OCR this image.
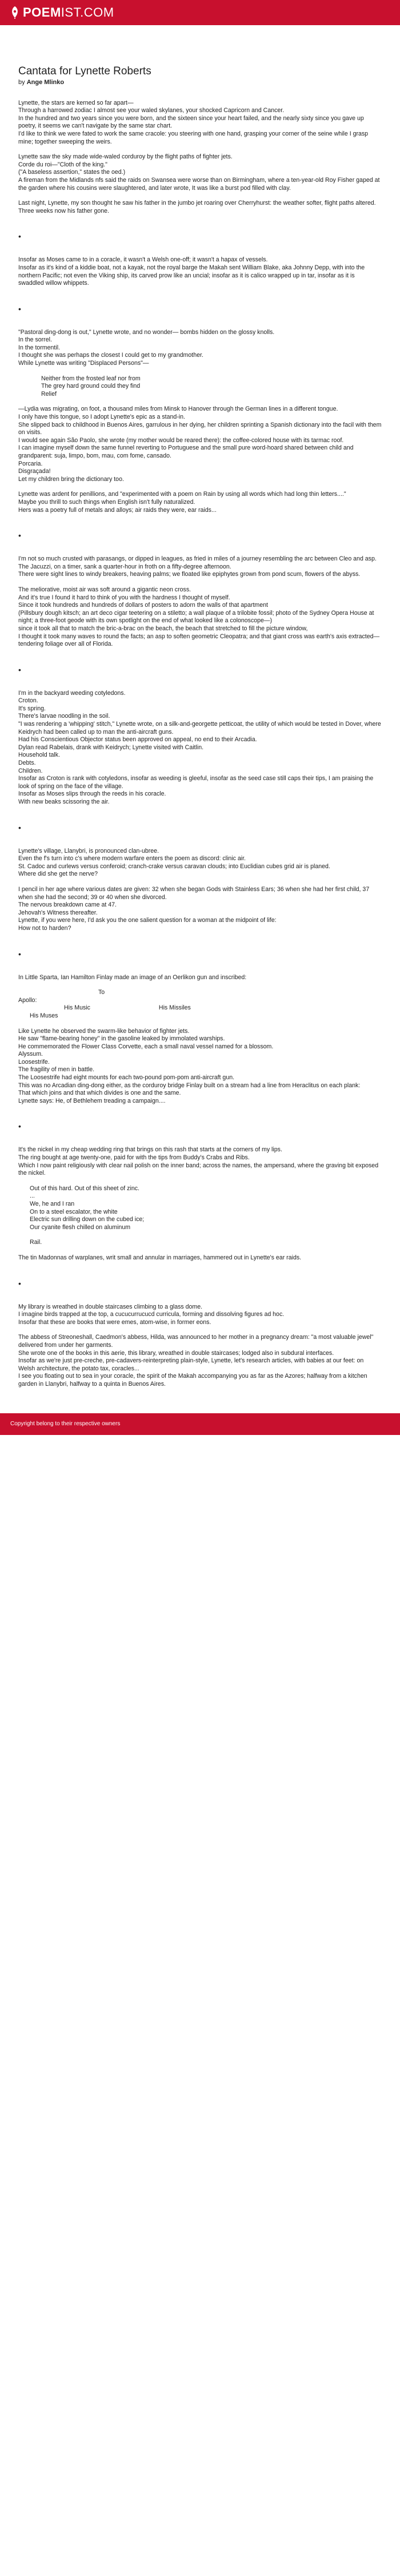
POEM IST.COM
Cantata for Lynette Roberts
by Ange Mlinko
Lynette, the stars are kerned so far apart—
Through a harrowed zodiac I almost see your waled skylanes, your shocked Capricorn and Cancer.
In the hundred and two years since you were born, and the sixteen since your heart failed, and the nearly sixty since you gave up poetry, it seems we can't navigate by the same star chart.
I'd like to think we were fated to work the same cracole: you steering with one hand, grasping your corner of the seine while I grasp mine; together sweeping the weirs.
Lynette saw the sky made wide-waled corduroy by the flight paths of fighter jets.
Corde du roi—"Cloth of the king."
("A baseless assertion," states the oed.)
A fireman from the Midlands nfs said the raids on Swansea were worse than on Birmingham, where a ten-year-old Roy Fisher gaped at the garden where his cousins were slaughtered, and later wrote, It was like a burst pod filled with clay.
Last night, Lynette, my son thought he saw his father in the jumbo jet roaring over Cherryhurst: the weather softer, flight paths altered.
Three weeks now his father gone.
•
Insofar as Moses came to in a coracle, it wasn't a Welsh one-off; it wasn't a hapax of vessels.
Insofar as it's kind of a kiddie boat, not a kayak, not the royal barge the Makah sent William Blake, aka Johnny Depp, with into the northern Pacific; not even the Viking ship, its carved prow like an uncial; insofar as it is calico wrapped up in tar, insofar as it is swaddled willow whippets.
•
"Pastoral ding-dong is out," Lynette wrote, and no wonder— bombs hidden on the glossy knolls.
In the sorrel.
In the tormentil.
I thought she was perhaps the closest I could get to my grandmother.
While Lynette was writing "Displaced Persons"—
Neither from the frosted leaf nor from
The grey hard ground could they find
Relief
—Lydia was migrating, on foot, a thousand miles from Minsk to Hanover through the German lines in a different tongue.
I only have this tongue, so I adopt Lynette's epic as a stand-in.
She slipped back to childhood in Buenos Aires, garrulous in her dying, her children sprinting a Spanish dictionary into the facil with them on visits.
I would see again São Paolo, she wrote (my mother would be reared there): the coffee-colored house with its tarmac roof.
I can imagine myself down the same funnel reverting to Portuguese and the small pure word-hoard shared between child and grandparent: suja, limpo, bom, mau, com fome, cansado.
Porcaria.
Disgraçada!
Let my children bring the dictionary too.
Lynette was ardent for penillions, and "experimented with a poem on Rain by using all words which had long thin letters...."
Maybe you thrill to such things when English isn't fully naturalized.
Hers was a poetry full of metals and alloys; air raids they were, ear raids...
•
I'm not so much crusted with parasangs, or dipped in leagues, as fried in miles of a journey resembling the arc between Cleo and asp.
The Jacuzzi, on a timer, sank a quarter-hour in froth on a fifty-degree afternoon.
There were sight lines to windy breakers, heaving palms; we floated like epiphytes grown from pond scum, flowers of the abyss.
The meliorative, moist air was soft around a gigantic neon cross.
And it's true I found it hard to think of you with the hardness I thought of myself.
Since it took hundreds and hundreds of dollars of posters to adorn the walls of that apartment
(Pillsbury dough kitsch; an art deco cigar teetering on a stiletto; a wall plaque of a trilobite fossil; photo of the Sydney Opera House at night; a three-foot geode with its own spotlight on the end of what looked like a colonoscope—)
since it took all that to match the bric-a-brac on the beach, the beach that stretched to fill the picture window,
I thought it took many waves to round the facts; an asp to soften geometric Cleopatra; and that giant cross was earth's axis extracted—
tendering foliage over all of Florida.
•
I'm in the backyard weeding cotyledons.
Croton.
It's spring.
There's larvae noodling in the soil.
"I was rendering a 'whipping' stitch," Lynette wrote, on a silk-and-georgette petticoat, the utility of which would be tested in Dover, where Keidrych had been called up to man the anti-aircraft guns.
Had his Conscientious Objector status been approved on appeal, no end to their Arcadia.
Dylan read Rabelais, drank with Keidrych; Lynette visited with Caitlin.
Household talk.
Debts.
Children.
Insofar as Croton is rank with cotyledons, insofar as weeding is gleeful, insofar as the seed case still caps their tips, I am praising the look of spring on the face of the village.
Insofar as Moses slips through the reeds in his coracle.
With new beaks scissoring the air.
•
Lynette's village, Llanybri, is pronounced clan-ubree.
Even the f's turn into c's where modern warfare enters the poem as discord: clinic air.
St. Cadoc and curlews versus conferoid; cranch-crake versus caravan clouds; into Euclidian cubes grid air is planed.
Where did she get the nerve?
I pencil in her age where various dates are given: 32 when she began Gods with Stainless Ears; 36 when she had her first child, 37 when she had the second; 39 or 40 when she divorced.
The nervous breakdown came at 47.
Jehovah's Witness thereafter.
Lynette, if you were here, I'd ask you the one salient question for a woman at the midpoint of life:
How not to harden?
•
In Little Sparta, Ian Hamilton Finlay made an image of an Oerlikon gun and inscribed:
To
Apollo:
His Music	His Missiles
His Muses
Like Lynette he observed the swarm-like behavior of fighter jets.
He saw "flame-bearing honey" in the gasoline leaked by immolated warships.
He commemorated the Flower Class Corvette, each a small naval vessel named for a blossom.
Alyssum.
Loosestrife.
The fragility of men in battle.
The Loosestrife had eight mounts for each two-pound pom-pom anti-aircraft gun.
This was no Arcadian ding-dong either, as the corduroy bridge Finlay built on a stream had a line from Heraclitus on each plank:
That which joins and that which divides is one and the same.
Lynette says: He, of Bethlehem treading a campaign....
•
It's the nickel in my cheap wedding ring that brings on this rash that starts at the corners of my lips.
The ring bought at age twenty-one, paid for with the tips from Buddy's Crabs and Ribs.
Which I now paint religiously with clear nail polish on the inner band; across the names, the ampersand, where the graving bit exposed the nickel.
Out of this hard. Out of this sheet of zinc.
...
We, he and I ran
On to a steel escalator, the white
Electric sun drilling down on the cubed ice;
Our cyanite flesh chilled on aluminum
Rail.
The tin Madonnas of warplanes, writ small and annular in marriages, hammered out in Lynette's ear raids.
•
My library is wreathed in double staircases climbing to a glass dome.
I imagine birds trapped at the top, a cucucurrucucd curricula, forming and dissolving figures ad hoc.
Insofar that these are books that were emes, atom-wise, in former eons.
The abbess of Streoneshall, Caedmon's abbess, Hilda, was announced to her mother in a pregnancy dream: "a most valuable jewel" delivered from under her garments.
She wrote one of the books in this aerie, this library, wreathed in double staircases; lodged also in subdural interfaces.
Insofar as we're just pre-creche, pre-cadavers-reinterpreting plain-style, Lynette, let's research articles, with babies at our feet: on Welsh architecture, the potato tax, coracles...
I see you floating out to sea in your coracle, the spirit of the Makah accompanying you as far as the Azores; halfway from a kitchen garden in Llanybri, halfway to a quinta in Buenos Aires.
Copyright belong to their respective owners
